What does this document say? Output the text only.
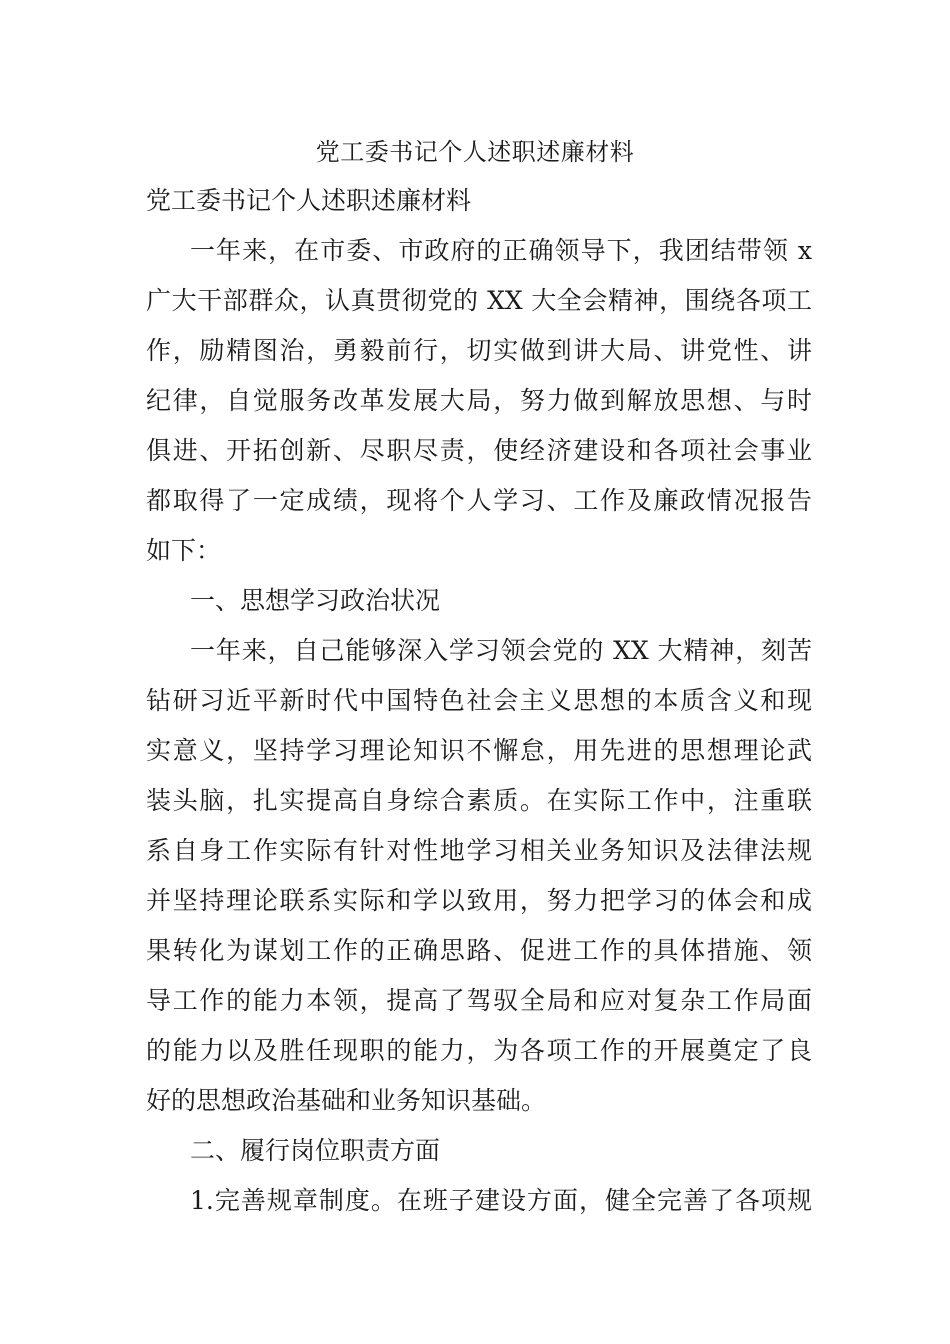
党工委书记个人述职述廉材料
党工委书记个人述职述廉材料
一年来，在市委、市政府的正确领导下，我团结带领 x
广大干部群众，认真贯彻党的 XX 大全会精神，围绕各项工
作，励精图治，勇毅前行，切实做到讲大局、讲党性、讲
纪律，自觉服务改革发展大局，努力做到解放思想、与时
俱进、开拓创新、尽职尽责，使经济建设和各项社会事业
都取得了一定成绩，现将个人学习、工作及廉政情况报告
如下：
一、思想学习政治状况
一年来，自己能够深入学习领会党的 XX 大精神，刻苦
钻研习近平新时代中国特色社会主义思想的本质含义和现
实意义，坚持学习理论知识不懈怠，用先进的思想理论武
装头脑，扎实提高自身综合素质。在实际工作中，注重联
系自身工作实际有针对性地学习相关业务知识及法律法规
并坚持理论联系实际和学以致用，努力把学习的体会和成
果转化为谋划工作的正确思路、促进工作的具体措施、领
导工作的能力本领，提高了驾驭全局和应对复杂工作局面
的能力以及胜任现职的能力，为各项工作的开展奠定了良
好的思想政治基础和业务知识基础。
二、履行岗位职责方面
1.完善规章制度。在班子建设方面，健全完善了各项规
